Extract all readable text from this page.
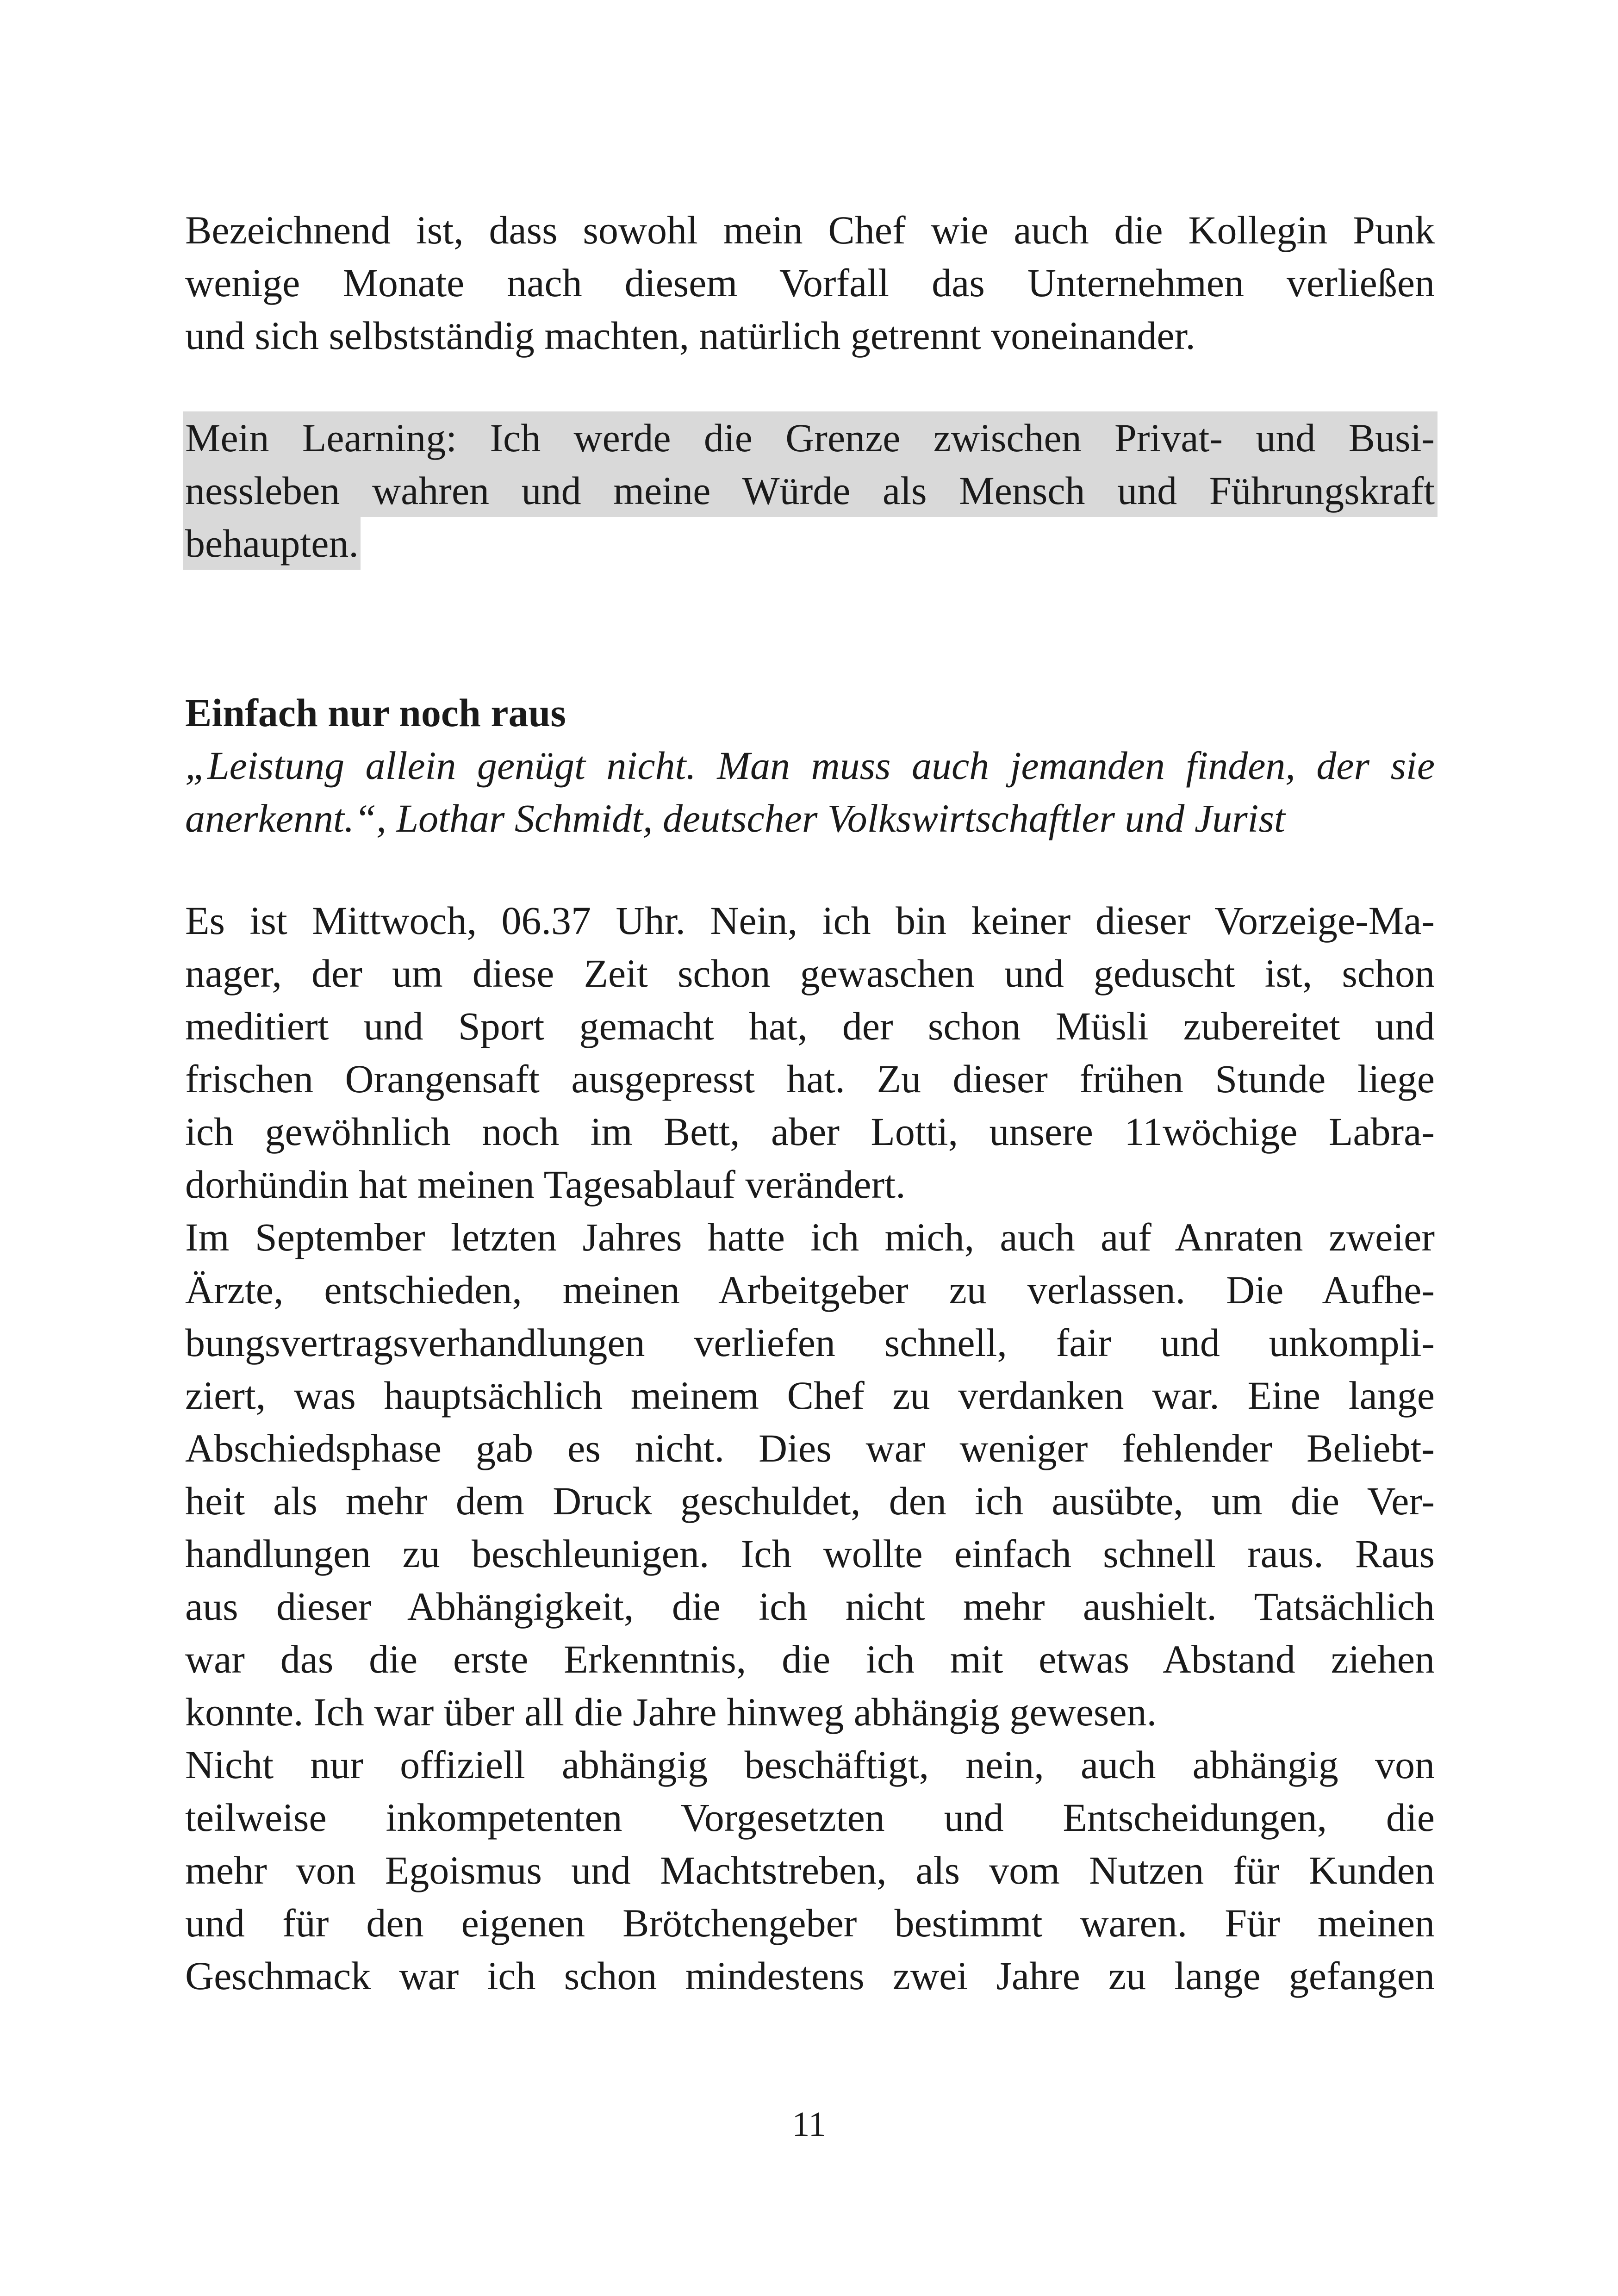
Bezeichnend ist, dass sowohl mein Chef wie auch die Kollegin Punk
wenige Monate nach diesem Vorfall das Unternehmen verließen
und sich selbstständig machten, natürlich getrennt voneinander.
Mein Learning: Ich werde die Grenze zwischen Privat- und Busi-
nessleben wahren und meine Würde als Mensch und Führungskraft
behaupten.
Einfach nur noch raus
„Leistung allein genügt nicht. Man muss auch jemanden finden, der sie
anerkennt.“, Lothar Schmidt, deutscher Volkswirtschaftler und Jurist
Es ist Mittwoch, 06.37 Uhr. Nein, ich bin keiner dieser Vorzeige-Ma-
nager, der um diese Zeit schon gewaschen und geduscht ist, schon
meditiert und Sport gemacht hat, der schon Müsli zubereitet und
frischen Orangensaft ausgepresst hat. Zu dieser frühen Stunde liege
ich gewöhnlich noch im Bett, aber Lotti, unsere 11wöchige Labra-
dorhündin hat meinen Tagesablauf verändert.
Im September letzten Jahres hatte ich mich, auch auf Anraten zweier
Ärzte, entschieden, meinen Arbeitgeber zu verlassen. Die Aufhe-
bungsvertragsverhandlungen verliefen schnell, fair und unkompli-
ziert, was hauptsächlich meinem Chef zu verdanken war. Eine lange
Abschiedsphase gab es nicht. Dies war weniger fehlender Beliebt-
heit als mehr dem Druck geschuldet, den ich ausübte, um die Ver-
handlungen zu beschleunigen. Ich wollte einfach schnell raus. Raus
aus dieser Abhängigkeit, die ich nicht mehr aushielt. Tatsächlich
war das die erste Erkenntnis, die ich mit etwas Abstand ziehen
konnte. Ich war über all die Jahre hinweg abhängig gewesen.
Nicht nur offiziell abhängig beschäftigt, nein, auch abhängig von
teilweise inkompetenten Vorgesetzten und Entscheidungen, die
mehr von Egoismus und Machtstreben, als vom Nutzen für Kunden
und für den eigenen Brötchengeber bestimmt waren. Für meinen
Geschmack war ich schon mindestens zwei Jahre zu lange gefangen
11
